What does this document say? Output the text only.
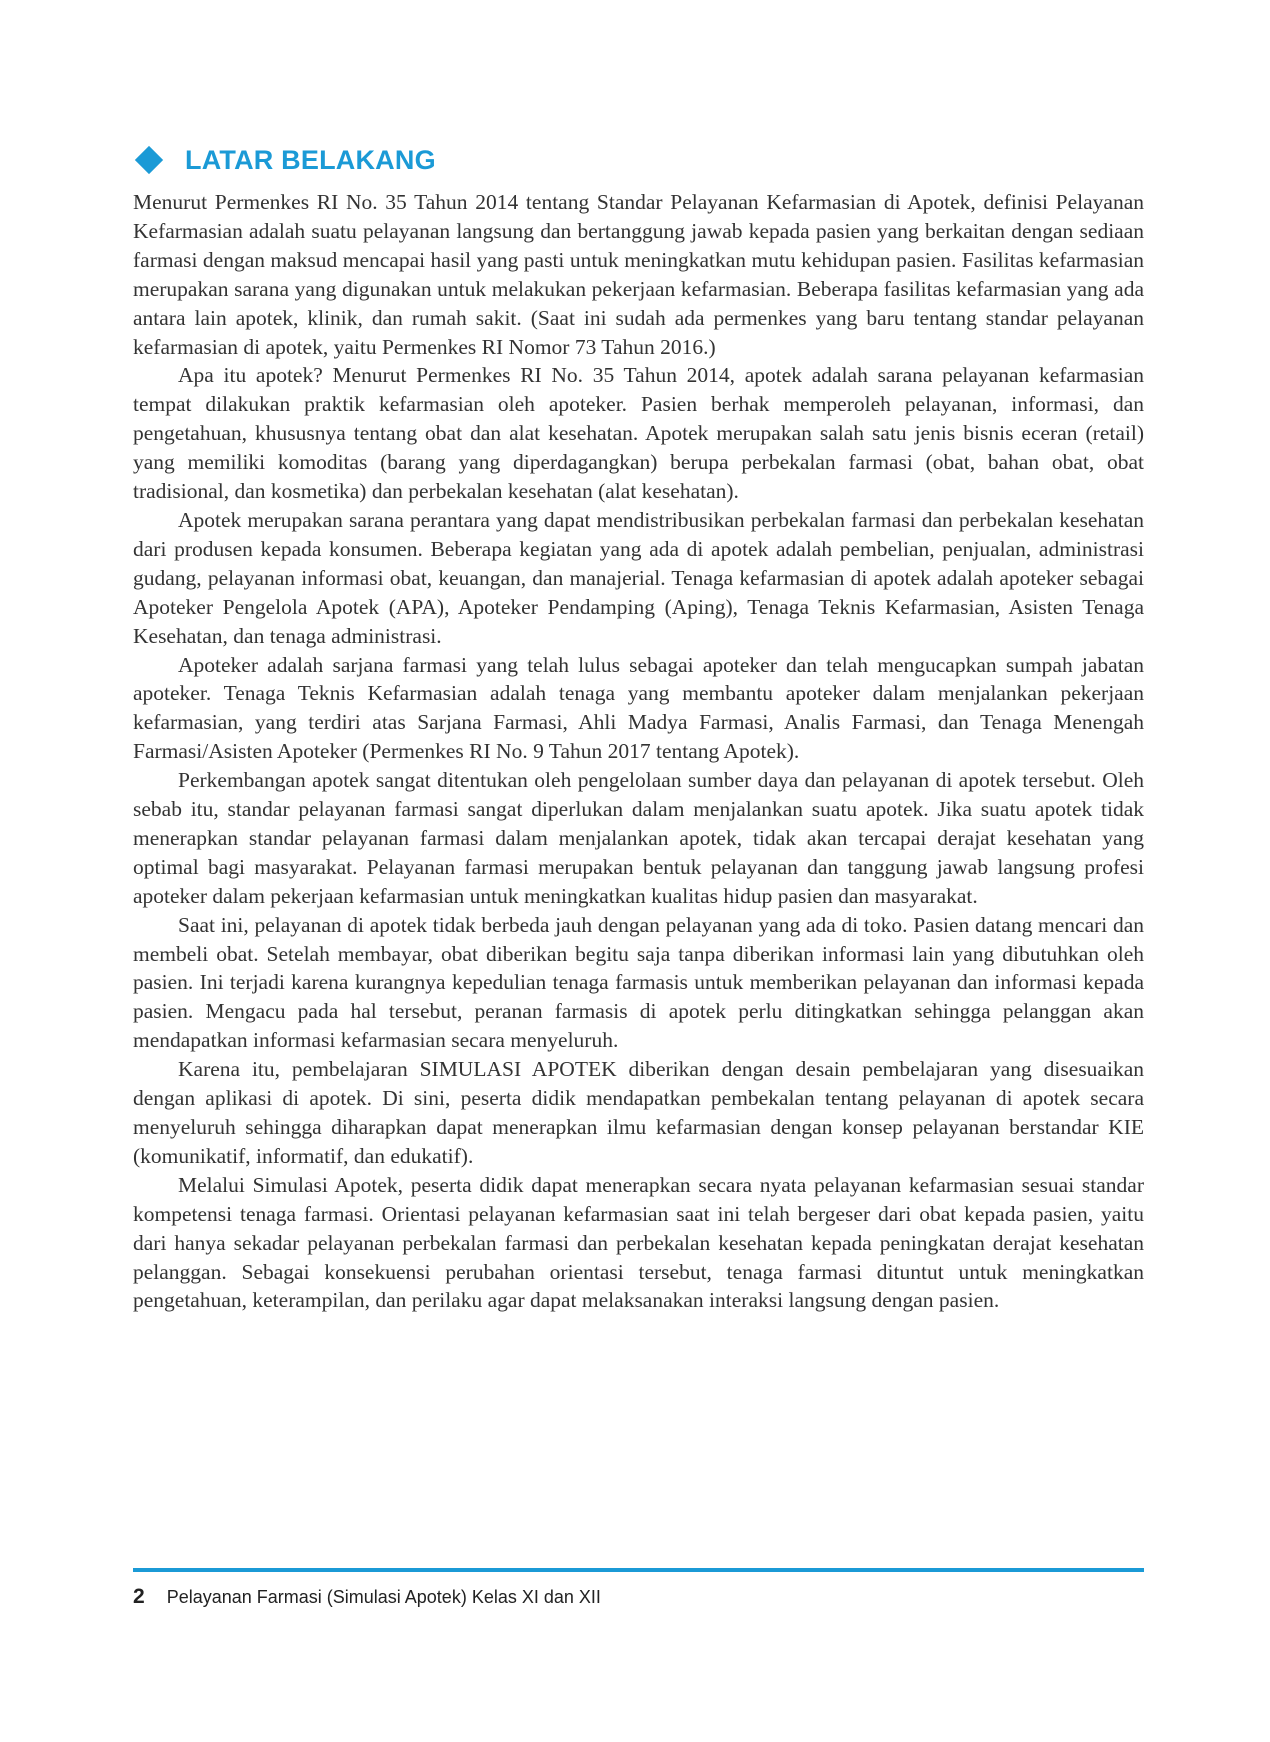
LATAR BELAKANG

Menurut Permenkes RI No. 35 Tahun 2014 tentang Standar Pelayanan Kefarmasian di Apotek, definisi Pelayanan Kefarmasian adalah suatu pelayanan langsung dan bertanggung jawab kepada pasien yang berkaitan dengan sediaan farmasi dengan maksud mencapai hasil yang pasti untuk meningkatkan mutu kehidupan pasien. Fasilitas kefarmasian merupakan sarana yang digunakan untuk melakukan pekerjaan kefarmasian. Beberapa fasilitas kefarmasian yang ada antara lain apotek, klinik, dan rumah sakit. (Saat ini sudah ada permenkes yang baru tentang standar pelayanan kefarmasian di apotek, yaitu Permenkes RI Nomor 73 Tahun 2016.)

Apa itu apotek? Menurut Permenkes RI No. 35 Tahun 2014, apotek adalah sarana pelayanan kefarmasian tempat dilakukan praktik kefarmasian oleh apoteker. Pasien berhak memperoleh pelayanan, informasi, dan pengetahuan, khususnya tentang obat dan alat kesehatan. Apotek merupakan salah satu jenis bisnis eceran (retail) yang memiliki komoditas (barang yang diperdagangkan) berupa perbekalan farmasi (obat, bahan obat, obat tradisional, dan kosmetika) dan perbekalan kesehatan (alat kesehatan).

Apotek merupakan sarana perantara yang dapat mendistribusikan perbekalan farmasi dan perbekalan kesehatan dari produsen kepada konsumen. Beberapa kegiatan yang ada di apotek adalah pembelian, penjualan, administrasi gudang, pelayanan informasi obat, keuangan, dan manajerial. Tenaga kefarmasian di apotek adalah apoteker sebagai Apoteker Pengelola Apotek (APA), Apoteker Pendamping (Aping), Tenaga Teknis Kefarmasian, Asisten Tenaga Kesehatan, dan tenaga administrasi.

Apoteker adalah sarjana farmasi yang telah lulus sebagai apoteker dan telah mengucapkan sumpah jabatan apoteker. Tenaga Teknis Kefarmasian adalah tenaga yang membantu apoteker dalam menjalankan pekerjaan kefarmasian, yang terdiri atas Sarjana Farmasi, Ahli Madya Farmasi, Analis Farmasi, dan Tenaga Menengah Farmasi/Asisten Apoteker (Permenkes RI No. 9 Tahun 2017 tentang Apotek).

Perkembangan apotek sangat ditentukan oleh pengelolaan sumber daya dan pelayanan di apotek tersebut. Oleh sebab itu, standar pelayanan farmasi sangat diperlukan dalam menjalankan suatu apotek. Jika suatu apotek tidak menerapkan standar pelayanan farmasi dalam menjalankan apotek, tidak akan tercapai derajat kesehatan yang optimal bagi masyarakat. Pelayanan farmasi merupakan bentuk pelayanan dan tanggung jawab langsung profesi apoteker dalam pekerjaan kefarmasian untuk meningkatkan kualitas hidup pasien dan masyarakat.

Saat ini, pelayanan di apotek tidak berbeda jauh dengan pelayanan yang ada di toko. Pasien datang mencari dan membeli obat. Setelah membayar, obat diberikan begitu saja tanpa diberikan informasi lain yang dibutuhkan oleh pasien. Ini terjadi karena kurangnya kepedulian tenaga farmasis untuk memberikan pelayanan dan informasi kepada pasien. Mengacu pada hal tersebut, peranan farmasis di apotek perlu ditingkatkan sehingga pelanggan akan mendapatkan informasi kefarmasian secara menyeluruh.

Karena itu, pembelajaran SIMULASI APOTEK diberikan dengan desain pembelajaran yang disesuaikan dengan aplikasi di apotek. Di sini, peserta didik mendapatkan pembekalan tentang pelayanan di apotek secara menyeluruh sehingga diharapkan dapat menerapkan ilmu kefarmasian dengan konsep pelayanan berstandar KIE (komunikatif, informatif, dan edukatif).

Melalui Simulasi Apotek, peserta didik dapat menerapkan secara nyata pelayanan kefarmasian sesuai standar kompetensi tenaga farmasi. Orientasi pelayanan kefarmasian saat ini telah bergeser dari obat kepada pasien, yaitu dari hanya sekadar pelayanan perbekalan farmasi dan perbekalan kesehatan kepada peningkatan derajat kesehatan pelanggan. Sebagai konsekuensi perubahan orientasi tersebut, tenaga farmasi dituntut untuk meningkatkan pengetahuan, keterampilan, dan perilaku agar dapat melaksanakan interaksi langsung dengan pasien.

2 Pelayanan Farmasi (Simulasi Apotek) Kelas XI dan XII
